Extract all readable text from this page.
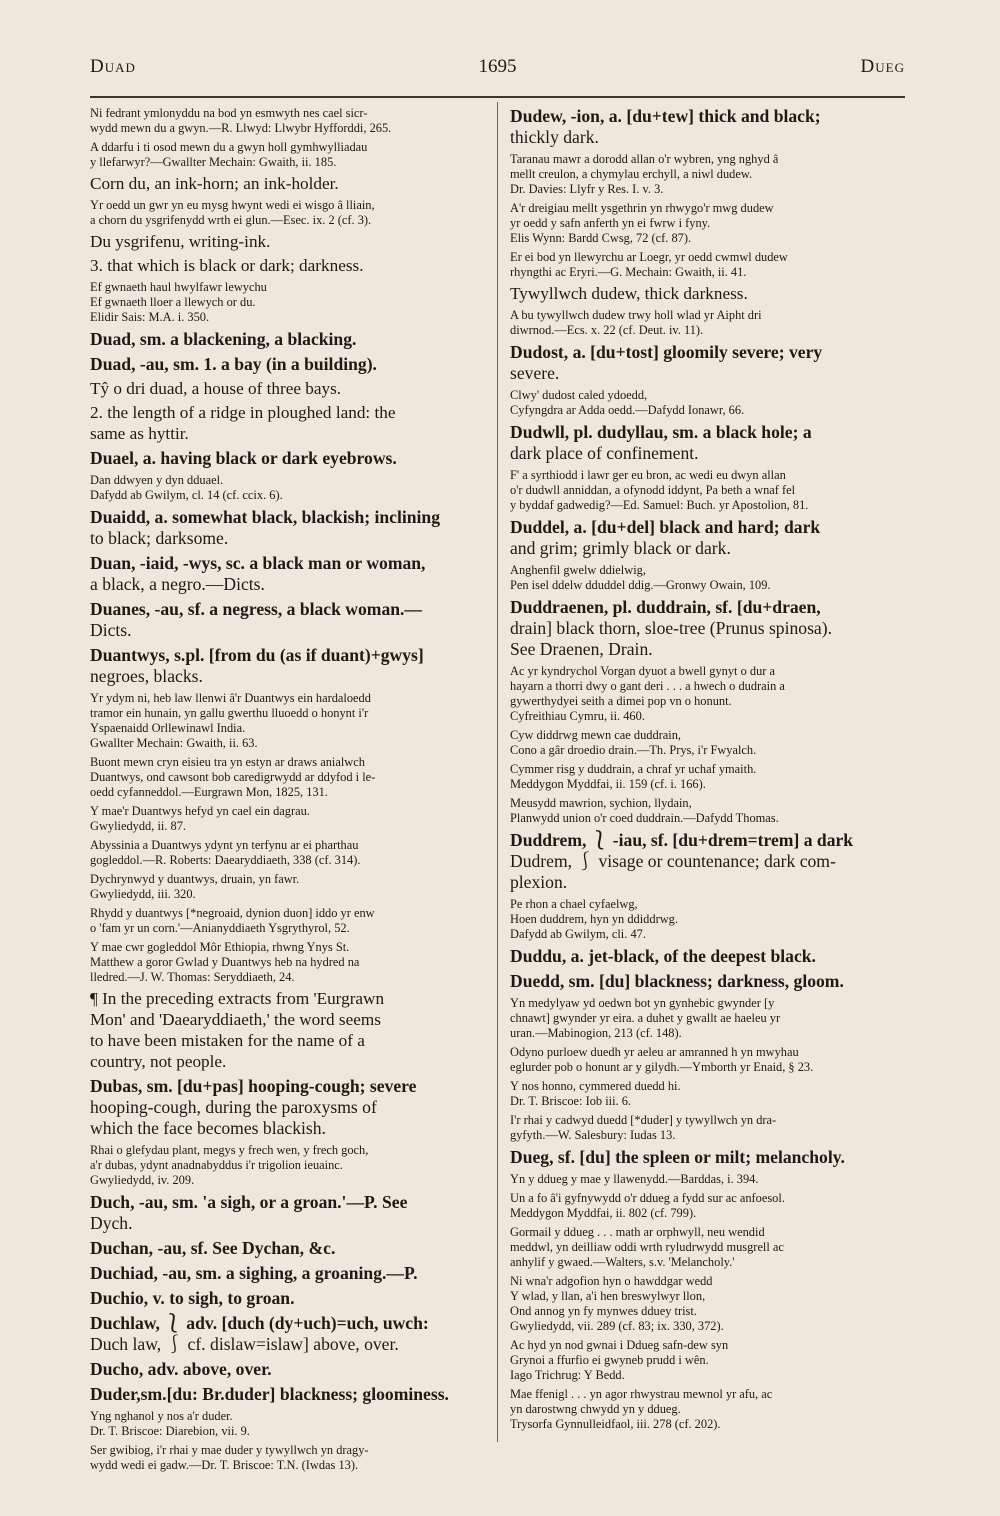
Duad	1695	Dueg

Ni fedrant ymlonyddu na bod yn esmwyth nes cael sicr-
wydd mewn du a gwyn.—R. Llwyd: Llwybr Hyfforddi, 265.

A ddarfu i ti osod mewn du a gwyn holl gymhwylliadau
y llefarwyr?—Gwallter Mechain: Gwaith, ii. 185.

Corn du, an ink-horn; an ink-holder.

Yr oedd un gwr yn eu mysg hwynt wedi ei wisgo â lliain,
a chorn du ysgrifenydd wrth ei glun.—Esec. ix. 2 (cf. 3).

Du ysgrifenu, writing-ink.

3. that which is black or dark; darkness.

Ef gwnaeth haul hwylfawr lewychu
Ef gwnaeth lloer a llewych or du.
Elidir Sais: M.A. i. 350.

Duad, sm. a blackening, a blacking.

Duad, -au, sm. 1. a bay (in a building).

Tŷ o dri duad, a house of three bays.

2. the length of a ridge in ploughed land: the
same as hyttir.

Duael, a. having black or dark eyebrows.

Dan ddwyen y dyn dduael.
Dafydd ab Gwilym, cl. 14 (cf. ccix. 6).

Duaidd, a. somewhat black, blackish; inclining
to black; darksome.

Duan, -iaid, -wys, sc. a black man or woman,
a black, a negro.—Dicts.

Duanes, -au, sf. a negress, a black woman.—
Dicts.

Duantwys, s.pl. [from du (as if duant)+gwys]
negroes, blacks.

Yr ydym ni, heb law llenwi â'r Duantwys ein hardaloedd
tramor ein hunain, yn gallu gwerthu lluoedd o honynt i'r
Yspaenaidd Orllewinawl India.
Gwallter Mechain: Gwaith, ii. 63.

Buont mewn cryn eisieu tra yn estyn ar draws anialwch
Duantwys, ond cawsont bob caredigrwydd ar ddyfod i le-
oedd cyfanneddol.—Eurgrawn Mon, 1825, 131.

Y mae'r Duantwys hefyd yn cael ein dagrau.
Gwyliedydd, ii. 87.

Abyssinia a Duantwys ydynt yn terfynu ar ei pharthau
gogleddol.—R. Roberts: Daearyddiaeth, 338 (cf. 314).

Dychrynwyd y duantwys, druain, yn fawr.
Gwyliedydd, iii. 320.

Rhydd y duantwys [*negroaid, dynion duon] iddo yr enw
o 'fam yr un corn.'—Anianyddiaeth Ysgrythyrol, 52.

Y mae cwr gogleddol Môr Ethiopia, rhwng Ynys St.
Matthew a goror Gwlad y Duantwys heb na hydred na
lledred.—J. W. Thomas: Seryddiaeth, 24.

¶ In the preceding extracts from 'Eurgrawn
Mon' and 'Daearyddiaeth,' the word seems
to have been mistaken for the name of a
country, not people.

Dubas, sm. [du+pas] hooping-cough; severe
hooping-cough, during the paroxysms of
which the face becomes blackish.

Rhai o glefydau plant, megys y frech wen, y frech goch,
a'r dubas, ydynt anadnabyddus i'r trigolion ieuainc.
Gwyliedydd, iv. 209.

Duch, -au, sm. 'a sigh, or a groan.'—P. See
Dych.

Duchan, -au, sf. See Dychan, &c.

Duchiad, -au, sm. a sighing, a groaning.—P.

Duchio, v. to sigh, to groan.

Duchlaw, ⎱ adv. [duch (dy+uch)=uch, uwch:
Duch law, ⎰ cf. dislaw=islaw] above, over.

Ducho, adv. above, over.

Duder,sm.[du: Br.duder] blackness; gloominess.

Yng nghanol y nos a'r duder.
Dr. T. Briscoe: Diarebion, vii. 9.

Ser gwibiog, i'r rhai y mae duder y tywyllwch yn dragy-
wydd wedi ei gadw.—Dr. T. Briscoe: T.N. (Iwdas 13).

Dudew, -ion, a. [du+tew] thick and black;
thickly dark.

Taranau mawr a dorodd allan o'r wybren, yng nghyd â
mellt creulon, a chymylau erchyll, a niwl dudew.
Dr. Davies: Llyfr y Res. I. v. 3.

A'r dreigiau mellt ysgethrin yn rhwygo'r mwg dudew
yr oedd y safn anferth yn ei fwrw i fyny.
Elis Wynn: Bardd Cwsg, 72 (cf. 87).

Er ei bod yn llewyrchu ar Loegr, yr oedd cwmwl dudew
rhyngthi ac Eryri.—G. Mechain: Gwaith, ii. 41.

Tywyllwch dudew, thick darkness.

A bu tywyllwch dudew trwy holl wlad yr Aipht dri
diwrnod.—Ecs. x. 22 (cf. Deut. iv. 11).

Dudost, a. [du+tost] gloomily severe; very
severe.

Clwy' dudost caled ydoedd,
Cyfyngdra ar Adda oedd.—Dafydd Ionawr, 66.

Dudwll, pl. dudyllau, sm. a black hole; a
dark place of confinement.

F' a syrthiodd i lawr ger eu bron, ac wedi eu dwyn allan
o'r dudwll anniddan, a ofynodd iddynt, Pa beth a wnaf fel
y byddaf gadwedig?—Ed. Samuel: Buch. yr Apostolion, 81.

Duddel, a. [du+del] black and hard; dark
and grim; grimly black or dark.

Anghenfil gwelw ddielwig,
Pen isel ddelw dduddel ddig.—Gronwy Owain, 109.

Duddraenen, pl. duddrain, sf. [du+draen,
drain] black thorn, sloe-tree (Prunus spinosa).
See Draenen, Drain.

Ac yr kyndrychol Vorgan dyuot a bwell gynyt o dur a
hayarn a thorri dwy o gant deri . . . a hwech o dudrain a
gywerthydyei seith a dimei pop vn o honunt.
Cyfreithiau Cymru, ii. 460.

Cyw diddrwg mewn cae duddrain,
Cono a gâr droedio drain.—Th. Prys, i'r Fwyalch.

Cymmer risg y duddrain, a chraf yr uchaf ymaith.
Meddygon Myddfai, ii. 159 (cf. i. 166).

Meusydd mawrion, sychion, llydain,
Planwydd union o'r coed duddrain.—Dafydd Thomas.

Duddrem, ⎱ -iau, sf. [du+drem=trem] a dark
Dudrem, ⎰ visage or countenance; dark com-
plexion.

Pe rhon a chael cyfaelwg,
Hoen duddrem, hyn yn ddiddrwg.
Dafydd ab Gwilym, cli. 47.

Duddu, a. jet-black, of the deepest black.

Duedd, sm. [du] blackness; darkness, gloom.

Yn medylyaw yd oedwn bot yn gynhebic gwynder [y
chnawt] gwynder yr eira. a duhet y gwallt ae haeleu yr
uran.—Mabinogion, 213 (cf. 148).

Odyno purloew duedh yr aeleu ar amranned h yn mwyhau
eglurder pob o honunt ar y gilydh.—Ymborth yr Enaid, § 23.

Y nos honno, cymmered duedd hi.
Dr. T. Briscoe: Iob iii. 6.

I'r rhai y cadwyd duedd [*duder] y tywyllwch yn dra-
gyfyth.—W. Salesbury: Iudas 13.

Dueg, sf. [du] the spleen or milt; melancholy.

Yn y ddueg y mae y llawenydd.—Barddas, i. 394.

Un a fo â'i gyfnywydd o'r ddueg a fydd sur ac anfoesol.
Meddygon Myddfai, ii. 802 (cf. 799).

Gormail y ddueg . . . math ar orphwyll, neu wendid
meddwl, yn deilliaw oddi wrth ryludrwydd musgrell ac
anhylif y gwaed.—Walters, s.v. 'Melancholy.'

Ni wna'r adgofion hyn o hawddgar wedd
Y wlad, y llan, a'i hen breswylwyr llon,
Ond annog yn fy mynwes dduey trist.
Gwyliedydd, vii. 289 (cf. 83; ix. 330, 372).

Ac hyd yn nod gwnai i Ddueg safn-dew syn
Grynoi a ffurfio ei gwyneb prudd i wên.
Iago Trichrug: Y Bedd.

Mae ffenigl . . . yn agor rhwystrau mewnol yr afu, ac
yn darostwng chwydd yn y ddueg.
Trysorfa Gynnulleidfaol, iii. 278 (cf. 202).
